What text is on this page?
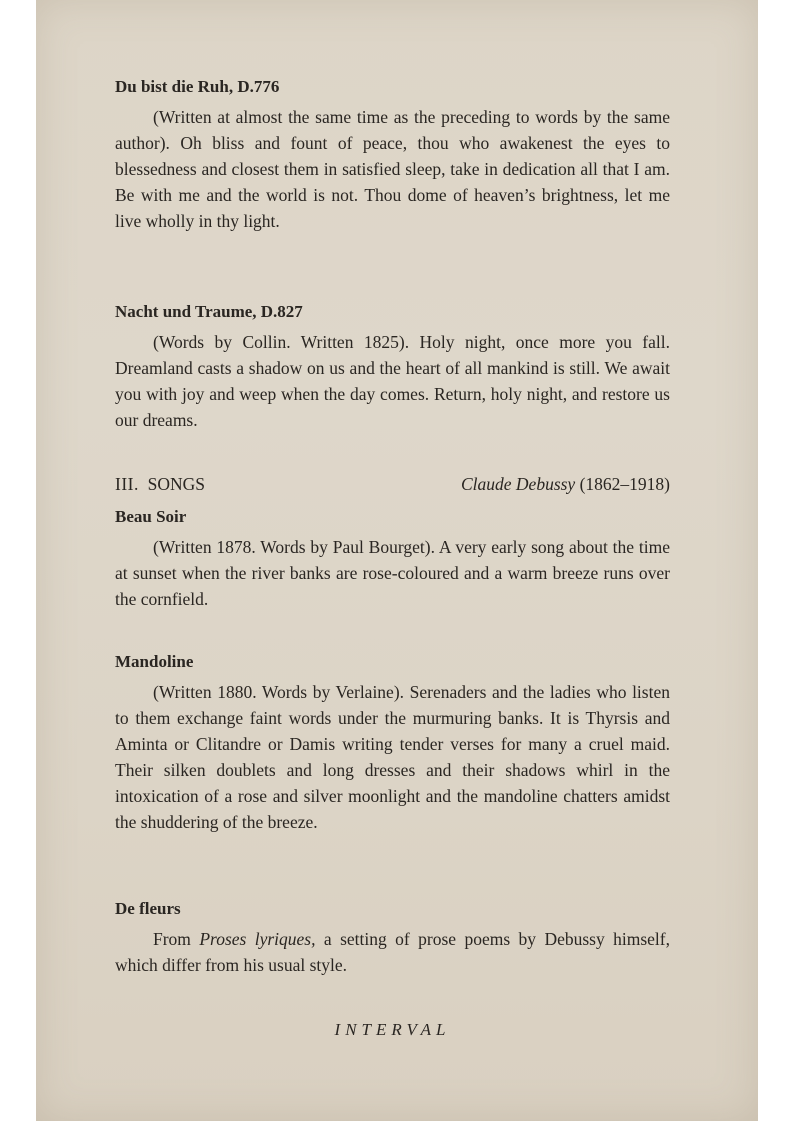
Du bist die Ruh, D.776

(Written at almost the same time as the preceding to words by the same author). Oh bliss and fount of peace, thou who awakenest the eyes to blessedness and closest them in satisfied sleep, take in dedication all that I am. Be with me and the world is not. Thou dome of heaven’s brightness, let me live wholly in thy light.

Nacht und Traume, D.827

(Words by Collin. Written 1825). Holy night, once more you fall. Dreamland casts a shadow on us and the heart of all mankind is still. We await you with joy and weep when the day comes. Return, holy night, and restore us our dreams.

III. SONGS	Claude Debussy (1862–1918)

Beau Soir

(Written 1878. Words by Paul Bourget). A very early song about the time at sunset when the river banks are rose-coloured and a warm breeze runs over the cornfield.

Mandoline

(Written 1880. Words by Verlaine). Serenaders and the ladies who listen to them exchange faint words under the murmuring banks. It is Thyrsis and Aminta or Clitandre or Damis writing tender verses for many a cruel maid. Their silken doublets and long dresses and their shadows whirl in the intoxication of a rose and silver moonlight and the mandoline chatters amidst the shuddering of the breeze.

De fleurs

From Proses lyriques, a setting of prose poems by Debussy himself, which differ from his usual style.

INTERVAL
